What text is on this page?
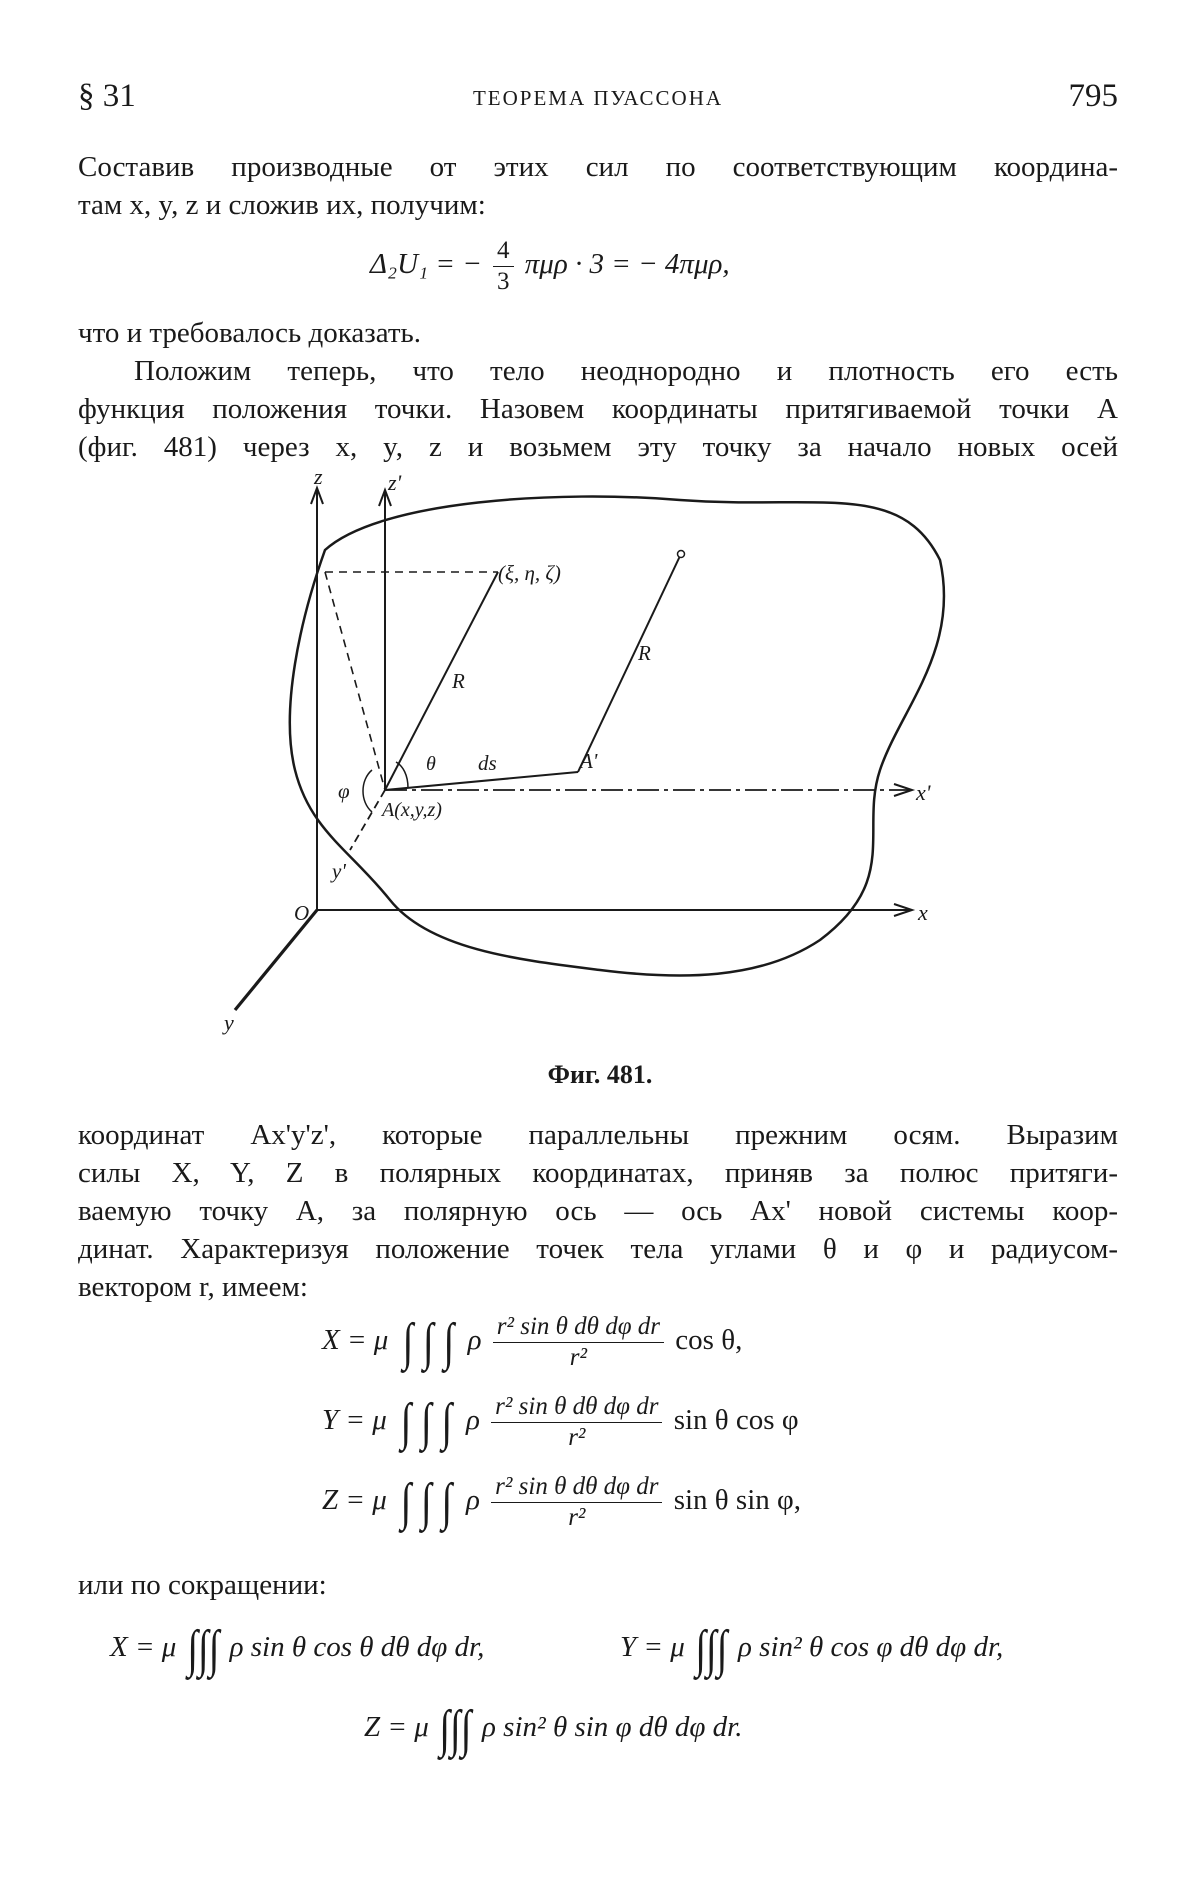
§ 31	ТЕОРЕМА ПУАССОНА	795
Составив производные от этих сил по соответствующим координа-
там x, y, z и сложив их, получим:
Δ₂U₁ = − $\frac{4}{3}$ πμρ · 3 = − 4πμρ,
что и требовалось доказать.
Положим теперь, что тело неоднородно и плотность его есть
функция положения точки. Назовем координаты притягиваемой точки A
(фиг. 481) через x, y, z и возьмем эту точку за начало новых осей
z	z'
(ξ, η, ζ)
R
R
θ ds	A'
x'
φ
A(x,y,z)
y'
O	x
y
Фиг. 481.
координат Ax'y'z', которые параллельны прежним осям. Выразим
силы X, Y, Z в полярных координатах, приняв за полюс притяги-
ваемую точку A, за полярную ось — ось Ax' новой системы коор-
динат. Характеризуя положение точек тела углами θ и φ и радиусом-
вектором r, имеем:
X = μ ∫ ∫ ∫ ρ $\frac{\text{r² sin θ dθ dφ dr}}{\text{r²}}$ cos θ,
Y = μ ∫ ∫ ∫ ρ $\frac{\text{r² sin θ dθ dφ dr}}{\text{r²}}$ sin θ cos φ
Z = μ ∫ ∫ ∫ ρ $\frac{\text{r² sin θ dθ dφ dr}}{\text{r²}}$ sin θ sin φ,
или по сокращении:
X = μ ∫∫∫ ρ sin θ cos θ dθ dφ dr,	Y = μ ∫∫∫ ρ sin² θ cos φ dθ dφ dr,
Z = μ ∫∫∫ ρ sin² θ sin φ dθ dφ dr.
